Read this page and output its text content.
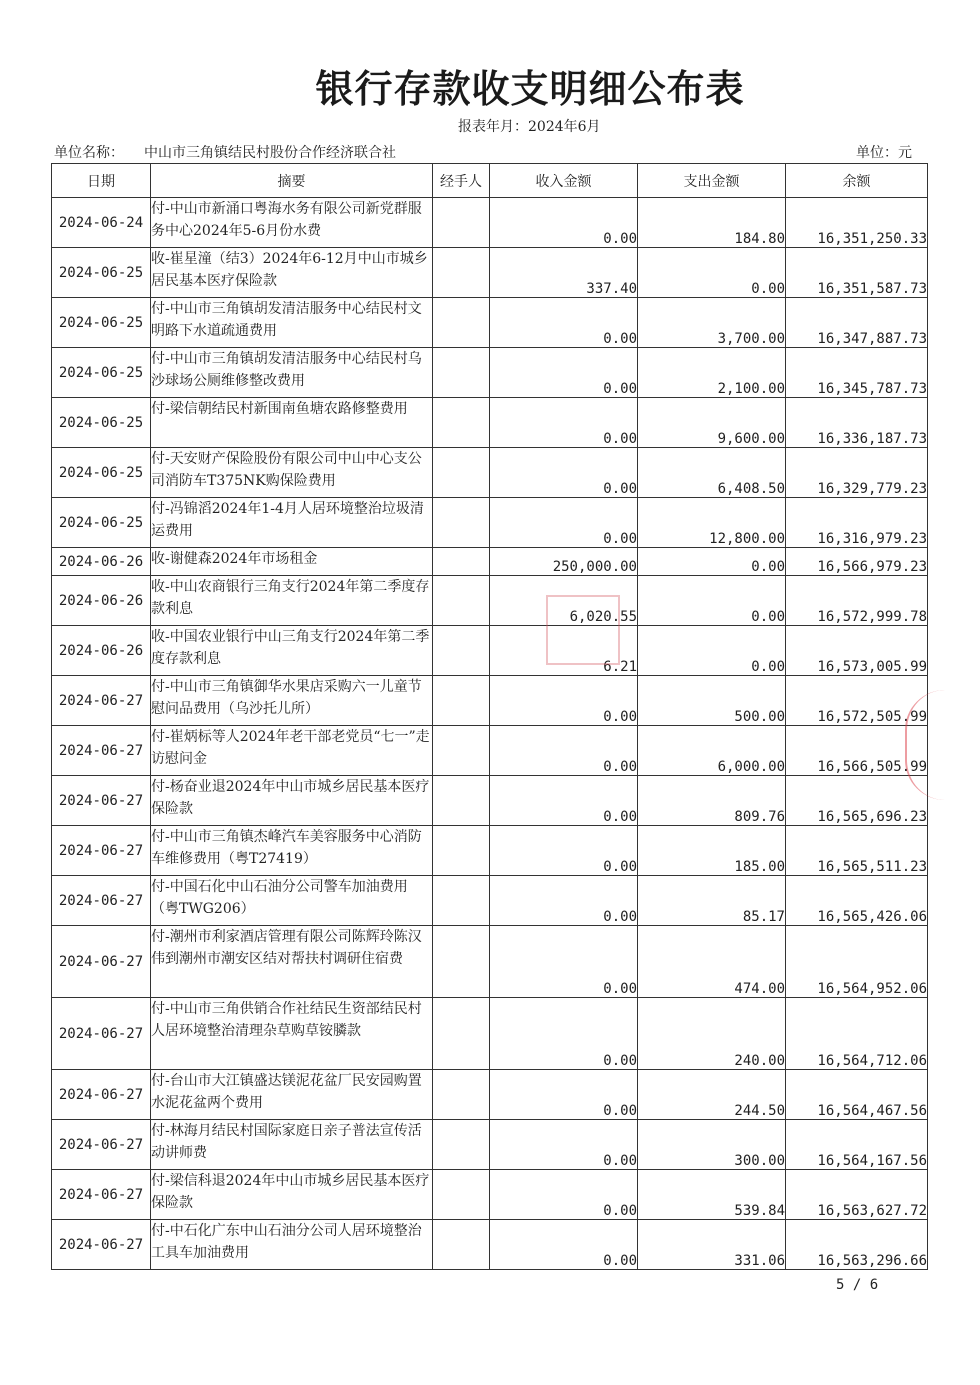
银行存款收支明细公布表
报表年月：2024年6月
单位名称： 中山市三角镇结民村股份合作经济联合社	单位：元
日期	摘要	经手人	收入金额	支出金额	余额
2024-06-24	付-中山市新涌口粤海水务有限公司新党群服务中心2024年5-6月份水费		0.00	184.80	16,351,250.33
2024-06-25	收-崔星潼（结3）2024年6-12月中山市城乡居民基本医疗保险款		337.40	0.00	16,351,587.73
2024-06-25	付-中山市三角镇胡发清洁服务中心结民村文明路下水道疏通费用		0.00	3,700.00	16,347,887.73
2024-06-25	付-中山市三角镇胡发清洁服务中心结民村乌沙球场公厕维修整改费用		0.00	2,100.00	16,345,787.73
2024-06-25	付-梁信朝结民村新围南鱼塘农路修整费用		0.00	9,600.00	16,336,187.73
2024-06-25	付-天安财产保险股份有限公司中山中心支公司消防车T375NK购保险费用		0.00	6,408.50	16,329,779.23
2024-06-25	付-冯锦滔2024年1-4月人居环境整治垃圾清运费用		0.00	12,800.00	16,316,979.23
2024-06-26	收-谢健森2024年市场租金		250,000.00	0.00	16,566,979.23
2024-06-26	收-中山农商银行三角支行2024年第二季度存款利息		6,020.55	0.00	16,572,999.78
2024-06-26	收-中国农业银行中山三角支行2024年第二季度存款利息		6.21	0.00	16,573,005.99
2024-06-27	付-中山市三角镇御华水果店采购六一儿童节慰问品费用（乌沙托儿所）		0.00	500.00	16,572,505.99
2024-06-27	付-崔炳标等人2024年老干部老党员“七一”走访慰问金		0.00	6,000.00	16,566,505.99
2024-06-27	付-杨奋业退2024年中山市城乡居民基本医疗保险款		0.00	809.76	16,565,696.23
2024-06-27	付-中山市三角镇杰峰汽车美容服务中心消防车维修费用（粤T27419）		0.00	185.00	16,565,511.23
2024-06-27	付-中国石化中山石油分公司警车加油费用（粤TWG206）		0.00	85.17	16,565,426.06
2024-06-27	付-潮州市利家酒店管理有限公司陈辉玲陈汉伟到潮州市潮安区结对帮扶村调研住宿费		0.00	474.00	16,564,952.06
2024-06-27	付-中山市三角供销合作社结民生资部结民村人居环境整治清理杂草购草铵膦款		0.00	240.00	16,564,712.06
2024-06-27	付-台山市大江镇盛达镁泥花盆厂民安园购置水泥花盆两个费用		0.00	244.50	16,564,467.56
2024-06-27	付-林海月结民村国际家庭日亲子普法宣传活动讲师费		0.00	300.00	16,564,167.56
2024-06-27	付-梁信科退2024年中山市城乡居民基本医疗保险款		0.00	539.84	16,563,627.72
2024-06-27	付-中石化广东中山石油分公司人居环境整治工具车加油费用		0.00	331.06	16,563,296.66
5 / 6
